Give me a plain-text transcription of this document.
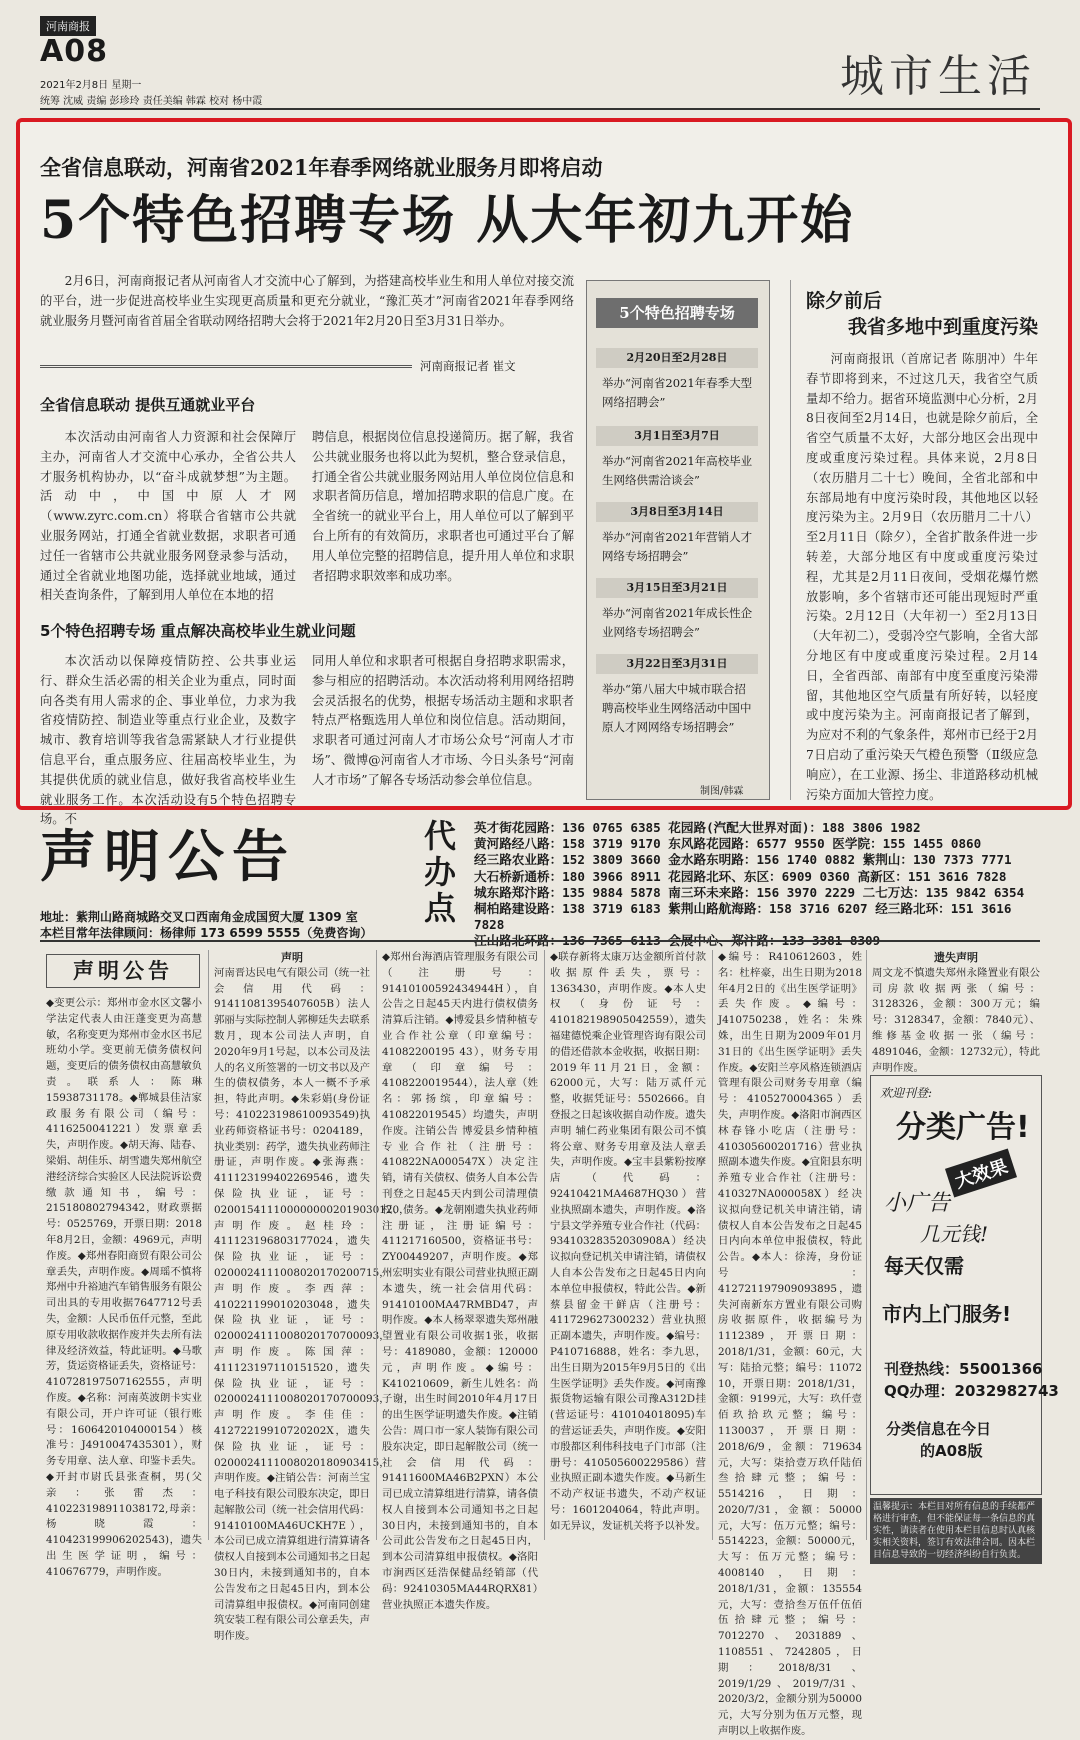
河南商报
A08
2021年2月8日 星期一
统筹 沈威 责编 彭珍玲 责任美编 韩霖 校对 杨中霞	城市生活
全省信息联动，河南省2021年春季网络就业服务月即将启动
5个特色招聘专场 从大年初九开始
2月6日，河南商报记者从河南省人才交流中心了解到，为搭建高校毕业生和用人单位对接交流的平台，进一步促进高校毕业生实现更高质量和更充分就业，“豫汇英才”河南省2021年春季网络就业服务月暨河南省首届全省联动网络招聘大会将于2021年2月20日至3月31日举办。
河南商报记者 崔文
全省信息联动 提供互通就业平台
本次活动由河南省人力资源和社会保障厅主办，河南省人才交流中心承办，全省公共人才服务机构协办，以“奋斗成就梦想”为主题。活动中，中国中原人才网（www.zyrc.com.cn）将联合省辖市公共就业服务网站，打通全省就业数据，求职者可通过任一省辖市公共就业服务网登录参与活动，通过全省就业地图功能，选择就业地域，通过相关查询条件，了解到用人单位在本地的招
聘信息，根据岗位信息投递简历。据了解，我省公共就业服务也将以此为契机，整合登录信息，打通全省公共就业服务网站用人单位岗位信息和求职者简历信息，增加招聘求职的信息广度。在全省统一的就业平台上，用人单位可以了解到平台上所有的有效简历，求职者也可通过平台了解用人单位完整的招聘信息，提升用人单位和求职者招聘求职效率和成功率。
5个特色招聘专场 重点解决高校毕业生就业问题
本次活动以保障疫情防控、公共事业运行、群众生活必需的相关企业为重点，同时面向各类有用人需求的企、事业单位，力求为我省疫情防控、制造业等重点行业企业，及数字城市、教育培训等我省急需紧缺人才行业提供信息平台，重点服务应、往届高校毕业生，为其提供优质的就业信息，做好我省高校毕业生就业服务工作。本次活动设有5个特色招聘专场。不
同用人单位和求职者可根据自身招聘求职需求，参与相应的招聘活动。本次活动将利用网络招聘会灵活报名的优势，根据专场活动主题和求职者特点严格甄选用人单位和岗位信息。活动期间，求职者可通过河南人才市场公众号“河南人才市场”、微博@河南省人才市场、今日头条号“河南人才市场”了解各专场活动参会单位信息。
5个特色招聘专场
2月20日至2月28日
举办“河南省2021年春季大型网络招聘会”
3月1日至3月7日
举办“河南省2021年高校毕业生网络供需洽谈会”
3月8日至3月14日
举办“河南省2021年营销人才网络专场招聘会”
3月15日至3月21日
举办“河南省2021年成长性企业网络专场招聘会”
3月22日至3月31日
举办“第八届大中城市联合招聘高校毕业生网络活动中国中原人才网网络专场招聘会”
制图/韩霖
除夕前后
我省多地中到重度污染
河南商报讯（首席记者 陈朋冲）牛年春节即将到来，不过这几天，我省空气质量却不给力。据省环境监测中心分析，2月8日夜间至2月14日，也就是除夕前后，全省空气质量不太好，大部分地区会出现中度或重度污染过程。具体来说，2月8日（农历腊月二十七）晚间，全省北部和中东部局地有中度污染时段，其他地区以轻度污染为主。2月9日（农历腊月二十八）至2月11日（除夕），全省扩散条件进一步转差，大部分地区有中度或重度污染过程，尤其是2月11日夜间，受烟花爆竹燃放影响，多个省辖市还可能出现短时严重污染。2月12日（大年初一）至2月13日（大年初二），受弱冷空气影响，全省大部分地区有中度或重度污染过程。2月14日，全省西部、南部有中度至重度污染滞留，其他地区空气质量有所好转，以轻度或中度污染为主。河南商报记者了解到，为应对不利的气象条件，郑州市已经于2月7日启动了重污染天气橙色预警（Ⅱ级应急响应），在工业源、扬尘、非道路移动机械污染方面加大管控力度。
声明公告
地址：紫荆山路商城路交叉口西南角金成国贸大厦 1309 室
本栏目常年法律顾问：杨律师 173 6599 5555（免费咨询）
代办点
英才街花园路：136 0765 6385 花园路(汽配大世界对面)：188 3806 1982
黄河路经八路：158 3719 9170 东风路花园路：6577 9550 医学院：155 1455 0860
经三路农业路：152 3809 3660 金水路东明路：156 1740 0882 紫荆山：130 7373 7771
大石桥新通桥：180 3966 8911 花园路北环、东区：6909 0360 高新区：151 3616 7828
城东路郑汴路：135 9884 5878 南三环未来路：156 3970 2229 二七万达：135 9842 6354
桐柏路建设路：138 3719 6183 紫荆山路航海路：158 3716 6207 经三路北环：151 3616 7828
江山路北环路：136 7365 6113 会展中心、郑汴路：133 3381 8309
声明公告
◆变更公示：郑州市金水区文馨小学法定代表人由汪蓬变更为高慧敏，名称变更为郑州市金水区书尼班幼小学。变更前无债务债权问题，变更后的债务债权由高慧敏负责。联系人：陈琳 15938731178。◆郸城县佳洁家政服务有限公司（编号：4116250041221）发票章丢失，声明作废。◆胡天海、陆春、梁娟、胡佳乐、胡雪遗失郑州航空港经济综合实验区人民法院诉讼费缴款通知书，编号：215180802794342，财政票据号：0525769，开票日期：2018年8月2日，金额：4969元，声明作废。◆郑州春阳商贸有限公司公章丢失，声明作废。◆周瑶不慎将郑州中升裕迪汽车销售服务有限公司出具的专用收据7647712号丢失，金额：人民币伍仟元整，至此原专用收款收据作废并失去所有法律及经济效益，特此证明。◆马歌芳，货运资格证丢失，资格证号：410728197507162555，声明作废。◆名称：河南英波朗卡实业有限公司，开户许可证（银行账号：1606420104000154）核准号：J4910047435301），财务专用章、法人章、印鉴卡丢失。◆开封市尉氏县张查桐，男(父亲：张雷杰：410223198911038172,母亲：杨晓霞：410423199906202543)，遗失出生医学证明，编号：410676779，声明作废。
声明
河南晋达民电气有限公司（统一社会信用代码：91411081395407605B）法人郭丽与实际控制人郭柳廷失去联系数月，现本公司法人声明，自2020年9月1号起，以本公司及法人的名义所签署的一切文书以及产生的债权债务，本人一概不予承担，特此声明。◆朱彩娟(身份证号：410223198610093549)执业药师资格证书号：0204189，执业类别：药学，遗失执业药师注册证，声明作废。◆张海燕：411123199402269546，遗失保险执业证，证号：0200154111000000002019030120，声明作废。赵桂玲：411123196803177024，遗失保险执业证，证号：0200024111008020170200715，声明作废。李西萍：410221199010203048，遗失保险执业证，证号：0200024111008020170700093，声明作废。陈国萍：411123197110151520，遗失保险执业证，证号：0200024111008020170700093，声明作废。李佳佳：41272219910720202X，遗失保险执业证，证号：0200024111008020180903415，声明作废。◆注销公告：河南兰宝电子科技有限公司股东决定，即日起解散公司（统一社会信用代码：91410100MA46UCKH7E），本公司已成立清算组进行清算请各债权人自接到本公司通知书之日起30日内，未接到通知书的，自本公告发布之日起45日内，到本公司清算组申报债权。◆河南同创建筑安装工程有限公司公章丢失，声明作废。
◆郑州台海酒店管理服务有限公司（注册号：91410100592434944H），自公告之日起45天内进行债权债务清算后注销。◆博爱县乡情种植专业合作社公章（印章编号：41082200195 43），财务专用章（印章编号：4108220019544），法人章（姓名：郭扬缤，印章编号：410822019545）均遗失，声明作废。注销公告 博爱县乡情种植专业合作社（注册号：410822NA000547X）决定注销，请有关债权、债务人自本公告刊登之日起45天内到公司清理债权、债务。◆龙朝刚遗失执业药师注册证，注册证编号：411217160500，资格证书号：ZY00449207，声明作废。◆郑州宏明实业有限公司营业执照正副本遗失，统一社会信用代码：91410100MA47RMBD47，声明作废。◆本人杨翠翠遗失郑州融望置业有限公司收据1张，收据号：4189080，金额：120000元，声明作废。◆编号：K410210609，新生儿姓名：尚子谢，出生时间2010年4月17日的出生医学证明遗失作废。◆注销公告：周口市一家人装饰有限公司股东决定，即日起解散公司（统一社会信用代码：91411600MA46B2PXN）本公司已成立清算组进行清算，请各债权人自接到本公司通知书之日起30日内，未接到通知书的，自本公司此公告发布之日起45日内，到本公司清算组申报债权。◆洛阳市涧西区廷浩保健品经销部（代码：92410305MA44RQRX81）营业执照正本遗失作废。
◆联存新将太康万达金额所首付款收据原件丢失，票号：1363430，声明作废。◆本人史权（身份证号：410182198905042559），遗失福建德悦乘企业管理咨询有限公司的借还借款本金收据，收据日期：2019年11月21日，金额：62000元，大写：陆万贰仟元整，收据凭证号：5502666。自登报之日起该收据自动作废。遗失声明 辅仁药业集团有限公司不慎将公章、财务专用章及法人章丢失，声明作废。◆宝丰县紫粉按摩店（代码：92410421MA4687HQ30）营业执照副本遗失，声明作废。◆洛宁县文学养殖专业合作社（代码：93410328352030908A）经决议拟向登记机关申请注销，请债权人自本公告发布之日起45日内向本单位申报债权，特此公告。◆新蔡县留金干鲜店（注册号：411729627300232）营业执照正副本遗失，声明作废。◆编号：P410716888，姓名：李九思，出生日期为2015年9月5日的《出生医学证明》丢失作废。◆河南豫振货物运输有限公司豫A312D挂(营运证号：410104018095)车的营运证丢失，声明作废。◆安阳市殷都区利伟科技电子门市部（注册号：410505600229586）营业执照正副本遗失作废。◆马新生不动产权证书遗失，不动产权证号：1601204064，特此声明。如无异议，发证机关将予以补发。
◆编号：R410612603，姓名：杜梓豪，出生日期为2018年4月2日的《出生医学证明》丢失作废。◆编号：J410750238，姓名：朱殊姝，出生日期为2009年01月31日的《出生医学证明》丢失作废。◆安阳兰亭风格连锁酒店管理有限公司财务专用章（编号：4105270004365）丢失，声明作废。◆洛阳市涧西区林春锋小吃店（注册号：410305600201716）营业执照副本遗失作废。◆宜阳县东明养殖专业合作社（注册号：410327NA000058X）经决议拟向登记机关申请注销，请债权人自本公告发布之日起45日内向本单位申报债权，特此公告。◆本人：徐涛，身份证号：412721197909093895，遗失河南新东方置业有限公司购房收据原件，收据编号为1112389，开票日期：2018/1/31，金额：60元，大写：陆拾元整；编号：11072 10，开票日期：2018/1/31，金额：9199元，大写：玖仟壹佰玖拾玖元整；编号：1130037，开票日期：2018/6/9，金额：719634元，大写：柒拾壹万玖仟陆佰叁拾肆元整；编号：5514216，日期：2020/7/31，金额：50000元，大写：伍万元整；编号：5514223，金额：50000元，大写：伍万元整；编号：4008140，日期：2018/1/31，金额：135554元，大写：壹拾叁万伍仟伍佰伍拾肆元整；编号：7012270、2031889、1108551、7242805，日期：2018/8/31、2019/1/29、2019/7/31、2020/3/2，金额分别为50000元，大写分别为伍万元整，现声明以上收据作废。
遗失声明
周文龙不慎遗失郑州永隆置业有限公司房款收据两张（编号：3128326，金额：300万元；编号：3128347，金额：7840元）、维修基金收据一张（编号：4891046，金额：12732元），特此声明作废。
欢迎刊登:
分类广告!
大效果
小广告
几元钱!
每天仅需
市内上门服务!
刊登热线：55001366
QQ办理：2032982743
分类信息在今日
的A08版
温馨提示：本栏目对所有信息的手续都严格进行审查，但不能保证每一条信息的真实性，请读者在使用本栏目信息时认真核实相关资料，签订有效法律合同。因本栏目信息导致的一切经济纠纷自行负责。
